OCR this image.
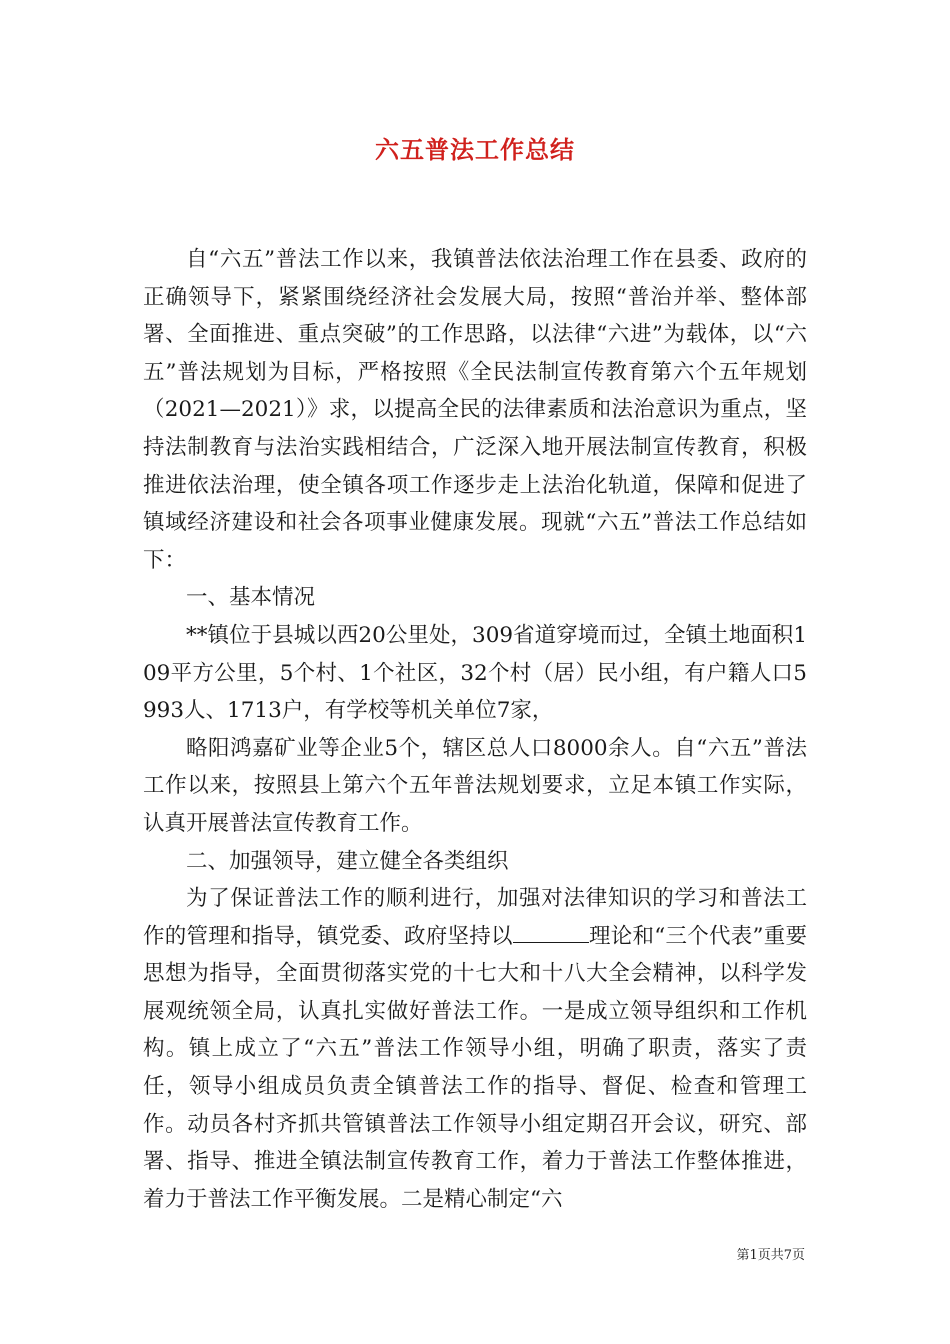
六五普法工作总结

自“六五”普法工作以来，我镇普法依法治理工作在县委、政府的正确领导下，紧紧围绕经济社会发展大局，按照“普治并举、整体部署、全面推进、重点突破”的工作思路，以法律“六进”为载体，以“六五”普法规划为目标，严格按照《全民法制宣传教育第六个五年规划（2021—2021）》求，以提高全民的法律素质和法治意识为重点，坚持法制教育与法治实践相结合，广泛深入地开展法制宣传教育，积极推进依法治理，使全镇各项工作逐步走上法治化轨道，保障和促进了镇域经济建设和社会各项事业健康发展。现就“六五”普法工作总结如下：

一、基本情况

**镇位于县城以西20公里处，309省道穿境而过，全镇土地面积109平方公里，5个村、1个社区，32个村（居）民小组，有户籍人口5993人、1713户，有学校等机关单位7家，

略阳鸿嘉矿业等企业5个，辖区总人口8000余人。自“六五”普法工作以来，按照县上第六个五年普法规划要求，立足本镇工作实际，认真开展普法宣传教育工作。

二、加强领导，建立健全各类组织

为了保证普法工作的顺利进行，加强对法律知识的学习和普法工作的管理和指导，镇党委、政府坚持以	理论和“三个代表”重要思想为指导，全面贯彻落实党的十七大和十八大全会精神，以科学发展观统领全局，认真扎实做好普法工作。一是成立领导组织和工作机构。镇上成立了“六五”普法工作领导小组，明确了职责，落实了责任，领导小组成员负责全镇普法工作的指导、督促、检查和管理工作。动员各村齐抓共管镇普法工作领导小组定期召开会议，研究、部署、指导、推进全镇法制宣传教育工作，着力于普法工作整体推进，着力于普法工作平衡发展。二是精心制定“六

第1页共7页
